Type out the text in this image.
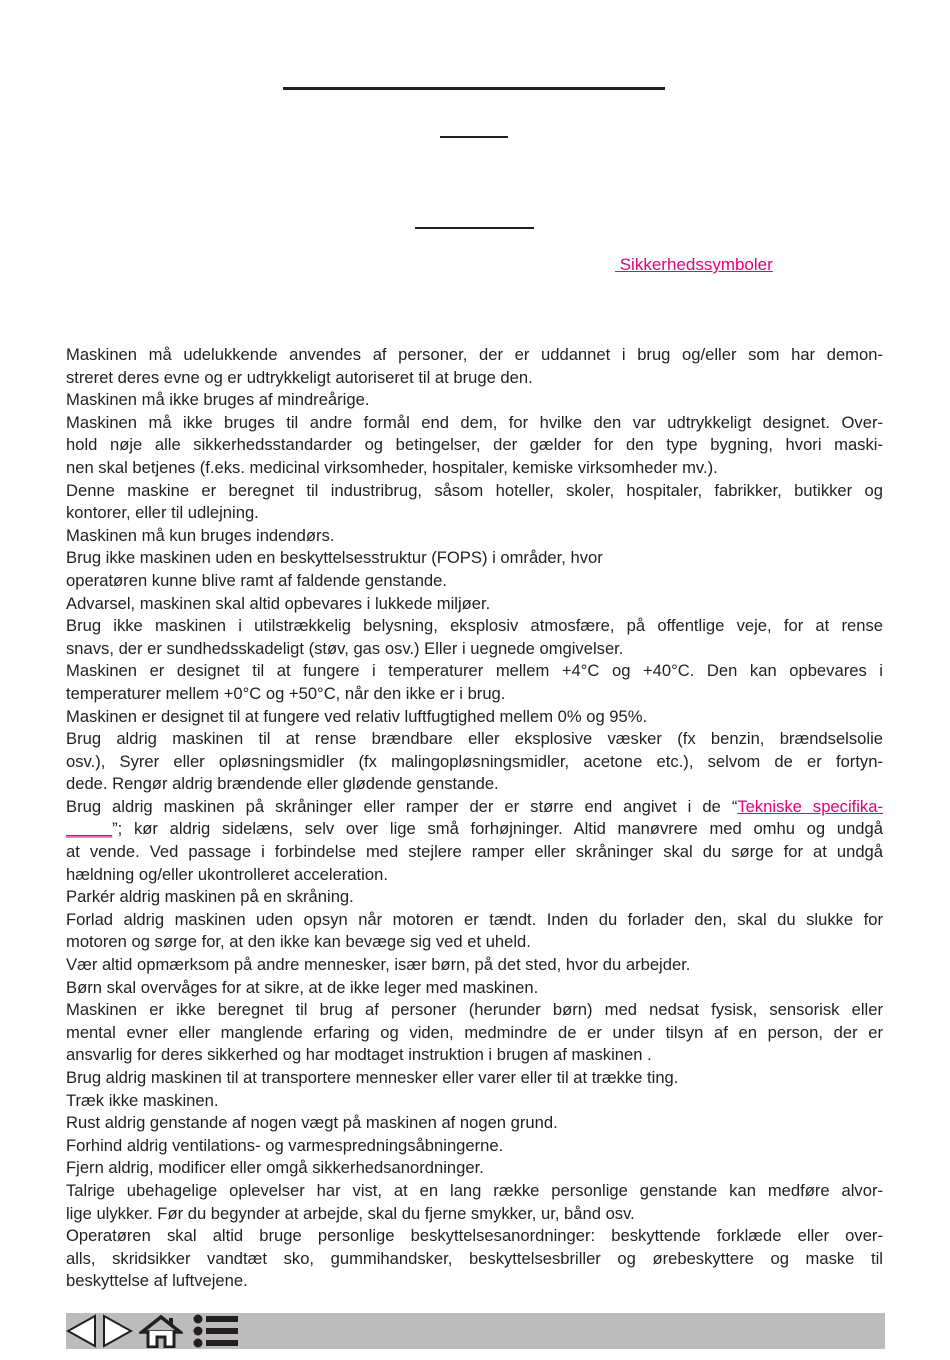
Sikkerhedssymboler

Maskinen må udelukkende anvendes af personer, der er uddannet i brug og/eller som har demon-
streret deres evne og er udtrykkeligt autoriseret til at bruge den.

Maskinen må ikke bruges af mindreårige.

Maskinen må ikke bruges til andre formål end dem, for hvilke den var udtrykkeligt designet. Over-
hold nøje alle sikkerhedsstandarder og betingelser, der gælder for den type bygning, hvori maski-
nen skal betjenes (f.eks. medicinal virksomheder, hospitaler, kemiske virksomheder mv.).

Denne maskine er beregnet til industribrug, såsom hoteller, skoler, hospitaler, fabrikker, butikker og
kontorer, eller til udlejning.

Maskinen må kun bruges indendørs.

Brug ikke maskinen uden en beskyttelsesstruktur (FOPS) i områder, hvor

operatøren kunne blive ramt af faldende genstande.

Advarsel, maskinen skal altid opbevares i lukkede miljøer.

Brug ikke maskinen i utilstrækkelig belysning, eksplosiv atmosfære, på offentlige veje, for at rense
snavs, der er sundhedsskadeligt (støv, gas osv.) Eller i uegnede omgivelser.

Maskinen er designet til at fungere i temperaturer mellem +4°C og +40°C. Den kan opbevares i
temperaturer mellem +0°C og +50°C, når den ikke er i brug.

Maskinen er designet til at fungere ved relativ luftfugtighed mellem 0% og 95%.

Brug aldrig maskinen til at rense brændbare eller eksplosive væsker (fx benzin, brændselsolie
osv.), Syrer eller opløsningsmidler (fx malingopløsningsmidler, acetone etc.), selvom de er fortyn-
dede. Rengør aldrig brændende eller glødende genstande.

Brug aldrig maskinen på skråninger eller ramper der er større end angivet i de “Tekniske specifika-
_____”; kør aldrig sidelæns, selv over lige små forhøjninger. Altid manøvrere med omhu og undgå
at vende. Ved passage i forbindelse med stejlere ramper eller skråninger skal du sørge for at undgå
hældning og/eller ukontrolleret acceleration.

Parkér aldrig maskinen på en skråning.

Forlad aldrig maskinen uden opsyn når motoren er tændt. Inden du forlader den, skal du slukke for
motoren og sørge for, at den ikke kan bevæge sig ved et uheld.

Vær altid opmærksom på andre mennesker, især børn, på det sted, hvor du arbejder.

Børn skal overvåges for at sikre, at de ikke leger med maskinen.

Maskinen er ikke beregnet til brug af personer (herunder børn) med nedsat fysisk, sensorisk eller
mental evner eller manglende erfaring og viden, medmindre de er under tilsyn af en person, der er
ansvarlig for deres sikkerhed og har modtaget instruktion i brugen af maskinen .

Brug aldrig maskinen til at transportere mennesker eller varer eller til at trække ting.

Træk ikke maskinen.

Rust aldrig genstande af nogen vægt på maskinen af nogen grund.

Forhind aldrig ventilations- og varmespredningsåbningerne.

Fjern aldrig, modificer eller omgå sikkerhedsanordninger.

Talrige ubehagelige oplevelser har vist, at en lang række personlige genstande kan medføre alvor-
lige ulykker. Før du begynder at arbejde, skal du fjerne smykker, ur, bånd osv.

Operatøren skal altid bruge personlige beskyttelsesanordninger: beskyttende forklæde eller over-
alls, skridsikker vandtæt sko, gummihandsker, beskyttelsesbriller og ørebeskyttere og maske til
beskyttelse af luftvejene.
